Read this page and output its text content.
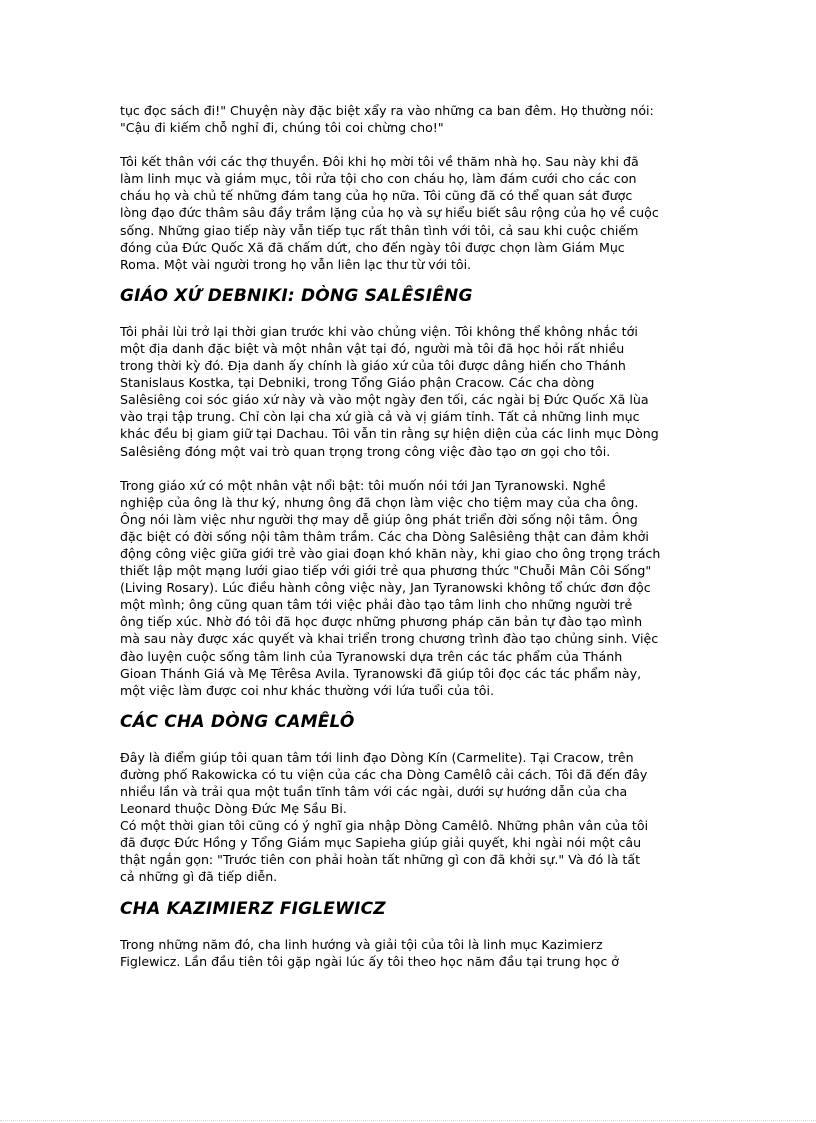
tục đọc sách đi!" Chuyện này đặc biệt xẩy ra vào những ca ban đêm. Họ thường nói:
"Cậu đi kiếm chỗ nghỉ đi, chúng tôi coi chừng cho!"

Tôi kết thân với các thợ thuyền. Đôi khi họ mời tôi về thăm nhà họ. Sau này khi đã
làm linh mục và giám mục, tôi rửa tội cho con cháu họ, làm đám cưới cho các con
cháu họ và chủ tế những đám tang của họ nữa. Tôi cũng đã có thể quan sát được
lòng đạo đức thâm sâu đầy trầm lặng của họ và sự hiểu biết sâu rộng của họ về cuộc
sống. Những giao tiếp này vẫn tiếp tục rất thân tình với tôi, cả sau khi cuộc chiếm
đóng của Đức Quốc Xã đã chấm dứt, cho đến ngày tôi được chọn làm Giám Mục
Roma. Một vài người trong họ vẫn liên lạc thư từ với tôi.

GIÁO XỨ DEBNIKI: DÒNG SALÊSIÊNG

Tôi phải lùi trở lại thời gian trước khi vào chủng viện. Tôi không thể không nhắc tới
một địa danh đặc biệt và một nhân vật tại đó, người mà tôi đã học hỏi rất nhiều
trong thời kỳ đó. Địa danh ấy chính là giáo xứ của tôi được dâng hiến cho Thánh
Stanislaus Kostka, tại Debniki, trong Tổng Giáo phận Cracow. Các cha dòng
Salêsiêng coi sóc giáo xứ này và vào một ngày đen tối, các ngài bị Đức Quốc Xã lùa
vào trại tập trung. Chỉ còn lại cha xứ già cả và vị giám tỉnh. Tất cả những linh mục
khác đều bị giam giữ tại Dachau. Tôi vẫn tin rằng sự hiện diện của các linh mục Dòng
Salêsiêng đóng một vai trò quan trọng trong công việc đào tạo ơn gọi cho tôi.

Trong giáo xứ có một nhân vật nổi bật: tôi muốn nói tới Jan Tyranowski. Nghề
nghiệp của ông là thư ký, nhưng ông đã chọn làm việc cho tiệm may của cha ông.
Ông nói làm việc như người thợ may dễ giúp ông phát triển đời sống nội tâm. Ông
đặc biệt có đời sống nội tâm thâm trầm. Các cha Dòng Salêsiêng thật can đảm khởi
động công việc giữa giới trẻ vào giai đoạn khó khăn này, khi giao cho ông trọng trách
thiết lập một mạng lưới giao tiếp với giới trẻ qua phương thức "Chuỗi Mân Côi Sống"
(Living Rosary). Lúc điều hành công việc này, Jan Tyranowski không tổ chức đơn độc
một mình; ông cũng quan tâm tới việc phải đào tạo tâm linh cho những người trẻ
ông tiếp xúc. Nhờ đó tôi đã học được những phương pháp căn bản tự đào tạo mình
mà sau này được xác quyết và khai triển trong chương trình đào tạo chủng sinh. Việc
đào luyện cuộc sống tâm linh của Tyranowski dựa trên các tác phẩm của Thánh
Gioan Thánh Giá và Mẹ Têrêsa Avila. Tyranowski đã giúp tôi đọc các tác phẩm này,
một việc làm được coi như khác thường với lứa tuổi của tôi.

CÁC CHA DÒNG CAMÊLÔ

Đây là điểm giúp tôi quan tâm tới linh đạo Dòng Kín (Carmelite). Tại Cracow, trên
đường phố Rakowicka có tu viện của các cha Dòng Camêlô cải cách. Tôi đã đến đây
nhiều lần và trải qua một tuần tĩnh tâm với các ngài, dưới sự hướng dẫn của cha
Leonard thuộc Dòng Đức Mẹ Sầu Bi.
Có một thời gian tôi cũng có ý nghĩ gia nhập Dòng Camêlô. Những phân vân của tôi
đã được Đức Hồng y Tổng Giám mục Sapieha giúp giải quyết, khi ngài nói một câu
thật ngắn gọn: "Trước tiên con phải hoàn tất những gì con đã khởi sự." Và đó là tất
cả những gì đã tiếp diễn.

CHA KAZIMIERZ FIGLEWICZ

Trong những năm đó, cha linh hướng và giải tội của tôi là linh mục Kazimierz
Figlewicz. Lần đầu tiên tôi gặp ngài lúc ấy tôi theo học năm đầu tại trung học ở
